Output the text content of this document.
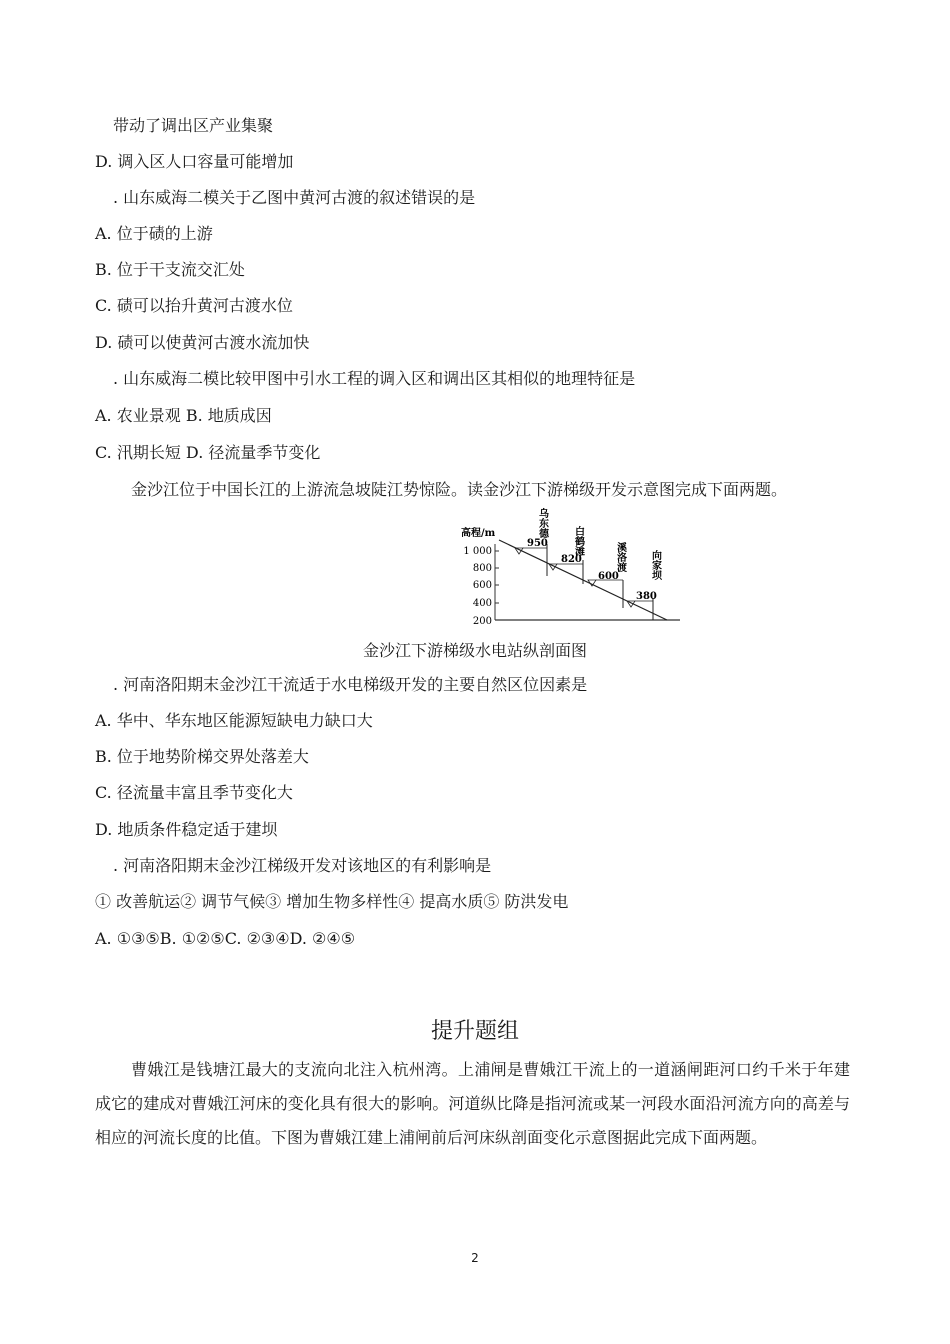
带动了调出区产业集聚
D. 调入区人口容量可能增加
. 山东威海二模关于乙图中黄河古渡的叙述错误的是
A. 位于碛的上游
B. 位于干支流交汇处
C. 碛可以抬升黄河古渡水位
D. 碛可以使黄河古渡水流加快
. 山东威海二模比较甲图中引水工程的调入区和调出区其相似的地理特征是
A. 农业景观 B. 地质成因
C. 汛期长短 D. 径流量季节变化
金沙江位于中国长江的上游流急坡陡江势惊险。读金沙江下游梯级开发示意图完成下面两题。
高程/m
1 000
800
600
400
200
950
820
600
380
乌东德
白鹤滩
溪洛渡 向家坝
金沙江下游梯级水电站纵剖面图
. 河南洛阳期末金沙江干流适于水电梯级开发的主要自然区位因素是
A. 华中、华东地区能源短缺电力缺口大
B. 位于地势阶梯交界处落差大
C. 径流量丰富且季节变化大
D. 地质条件稳定适于建坝
. 河南洛阳期末金沙江梯级开发对该地区的有利影响是
① 改善航运② 调节气候③ 增加生物多样性④ 提高水质⑤ 防洪发电
A. ①③⑤B. ①②⑤C. ②③④D. ②④⑤
提升题组
曹娥江是钱塘江最大的支流向北注入杭州湾。上浦闸是曹娥江干流上的一道涵闸距河口约千米于年建成它的建成对曹娥江河床的变化具有很大的影响。河道纵比降是指河流或某一河段水面沿河流方向的高差与相应的河流长度的比值。下图为曹娥江建上浦闸前后河床纵剖面变化示意图据此完成下面两题。
2
